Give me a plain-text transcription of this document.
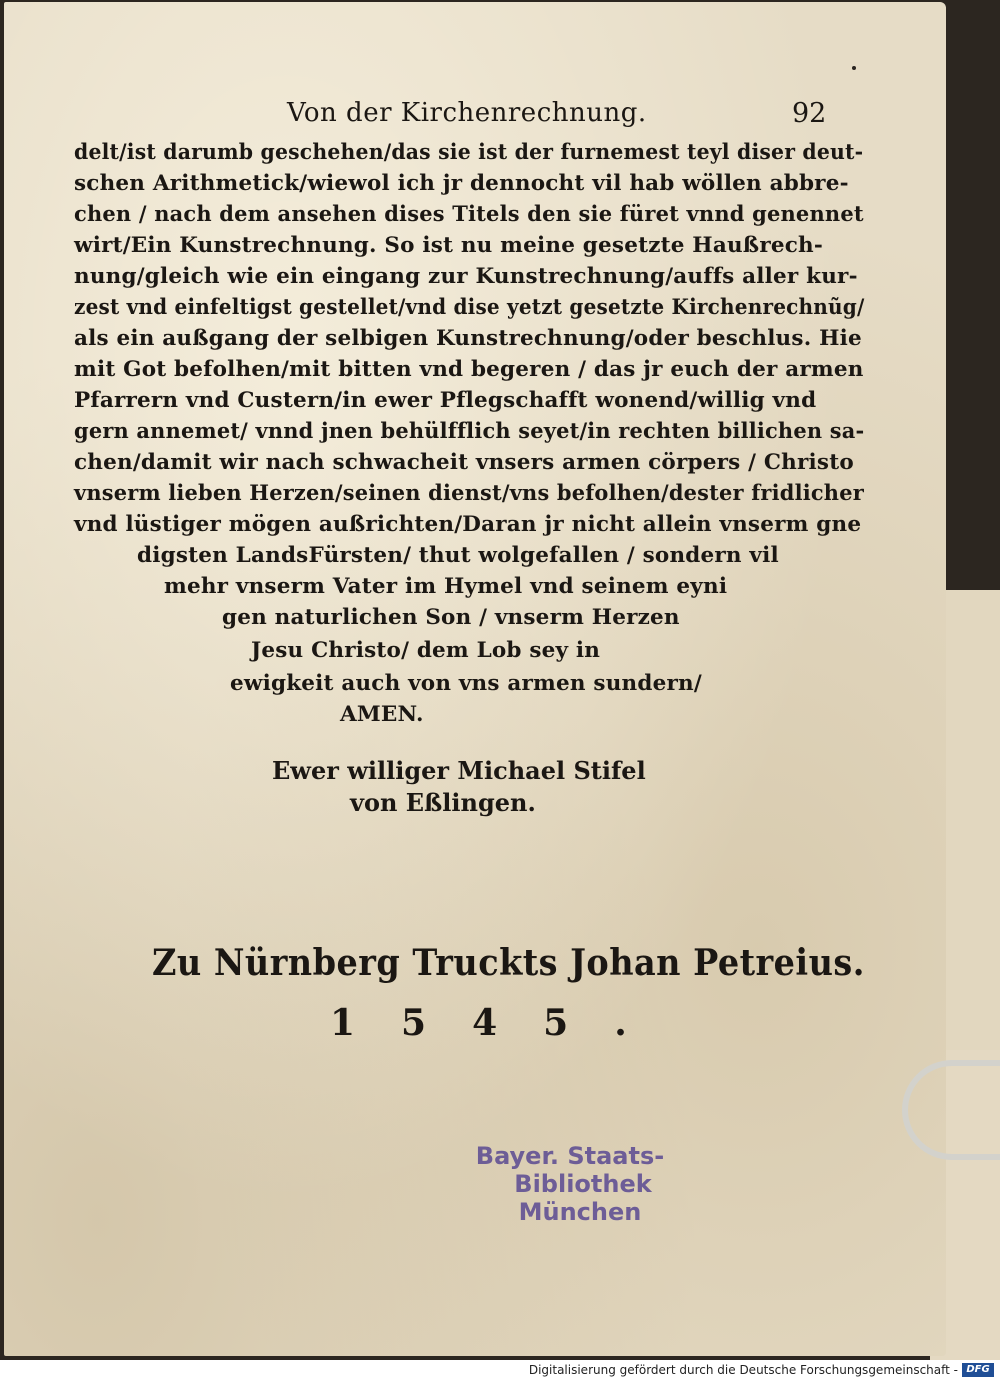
Von der Kirchenrechnung.	92
delt/ist darumb geschehen/das sie ist der furnemest teyl diser deut-
schen Arithmetick/wiewol ich jr dennocht vil hab wöllen abbre-
chen / nach dem ansehen dises Titels den sie füret vnnd genennet
wirt/Ein Kunstrechnung. So ist nu meine gesetzte Haußrech-
nung/gleich wie ein eingang zur Kunstrechnung/auffs aller kur-
zest vnd einfeltigst gestellet/vnd dise yetzt gesetzte Kirchenrechnũg/
als ein außgang der selbigen Kunstrechnung/oder beschlus. Hie
mit Got befolhen/mit bitten vnd begeren / das jr euch der armen
Pfarrern vnd Custern/in ewer Pflegschafft wonend/willig vnd
gern annemet/ vnnd jnen behülfflich seyet/in rechten billichen sa-
chen/damit wir nach schwacheit vnsers armen cörpers / Christo
vnserm lieben Herzen/seinen dienst/vns befolhen/dester fridlicher
vnd lüstiger mögen außrichten/Daran jr nicht allein vnserm gne
digsten LandsFürsten/ thut wolgefallen / sondern vil
mehr vnserm Vater im Hymel vnd seinem eyni
gen naturlichen Son / vnserm Herzen
Jesu Christo/ dem Lob sey in
ewigkeit auch von vns armen sundern/
AMEN.
Ewer williger Michael Stifel
von Eßlingen.
Zu Nürnberg Truckts Johan Petreius.
1545.
Bayer. Staats-
Bibliothek
München
Digitalisierung gefördert durch die Deutsche Forschungsgemeinschaft - DFG
